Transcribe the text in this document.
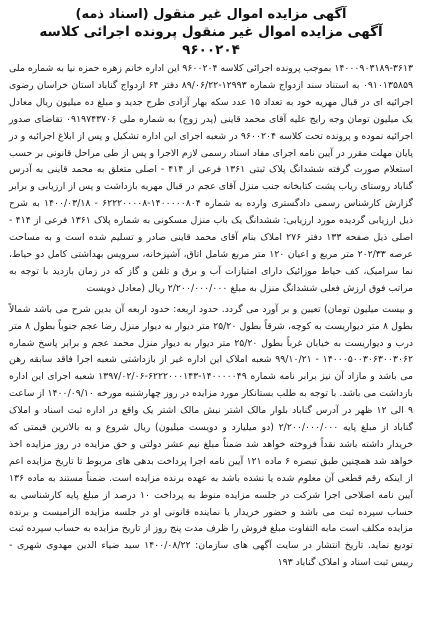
آگهی مزایده اموال غیر منقول (اسناد ذمه)
آگهی مزایده اموال غیر منقول پرونده اجرائی کلاسه ۹۶۰۰۲۰۴

۱۴۰۰۰۹۰۳۱۸۹-۳۶۱۳ بموجب پرونده اجرائی کلاسه ۹۶۰۰۲۰۴ این اداره خانم زهره حمزه نیا به شماره ملی ۰۹۱۰۱۳۵۸۵۹ به استناد سند ازدواج شماره ۱۲۹۹۳-۸۹/۰۶/۲۲ دفتر ۶۴ ازدواج گناباد استان خراسان رضوی اجرائیه ای در قبال مهریه خود به تعداد ۱۵ عدد سکه بهار آزادی طرح جدید و مبلغ ده میلیون ریال معادل یک میلیون تومان وجه رایج علیه آقای محمد قاینی (پدر زوج) به شماره ملی ۰۹۱۹۷۴۳۷۰۶ تقاضای صدور اجرائیه نموده و پرونده تحت کلاسه ۹۶۰۰۲۰۴ در شعبه اجرای این اداره تشکیل و پس از ابلاغ اجرائیه و در پایان مهلت مقرر در آیین نامه اجرای مفاد اسناد رسمی لازم الاجرا و پس از طی مراحل قانونی بر حسب استعلام صورت گرفته ششدانگ پلاک ثبتی ۱۳۶۱ فرعی از ۴۱۴ - اصلی متعلق به محمد قاینی به آدرس گناباد روستای ریاب پشت کتابخانه جنب منزل آقای عجم در قبال مهریه بازداشت و پس از ارزیابی و برابر گزارش کارشناس رسمی دادگستری وارده به شماره ۱۴۰۰۰۰۰۸۰۴-۶۲۲۲۰۰۰۰۸ - ۱۴۰۰/۰۳/۱۸ به شرح ذیل ارزیابی گردیده مورد ارزیابی: ششدانگ یک باب منزل مسکونی به شماره پلاک ۱۳۶۱ فرعی از ۴۱۴ - اصلی ذیل صفحه ۱۳۳ دفتر ۲۷۶ املاک بنام آقای محمد قاینی صادر و تسلیم شده است و به مساحت عرصه ۲۰۲/۳۳ متر مربع و اعیان ۱۲۰ متر مربع شامل اتاق، آشپزخانه، سرویس بهداشتی کامل دو حیاط، نما سرامیک، کف حیاط موزائیک دارای امتیازات آب و برق و تلفن و گاز که در زمان بازدید با توجه به مراتب فوق ارزش فعلی ششدانگ منزل به مبلغ ۲/۲۰۰/۰۰۰/۰۰۰ ریال (معادل دویست

و بیست میلیون تومان) تعیین و بر آورد می گردد. حدود اربعه: حدود اربعه آن بدین شرح می باشد شمالاً بطول ۸ متر دیواریست به کوچه، شرقاً بطول ۲۵/۲۰ متر دیوار به دیوار منزل رضا عجم جنوباً بطول ۸ متر درب و دیواریست به خیابان غرباً بطول ۲۵/۲۰ متر دیوار به دیوار منزل محمد عجم و برابر پاسخ شماره ۱۴۰۰۰۵۰۰۳۰۶۳۰۰۳۰۶۲ - ۹۹/۱۰/۲۱ شعبه املاک این اداره غیر از بازداشتی شعبه اجرا فاقد سابقه رهن می باشد و مازاد آن نیز برابر نامه شماره ۱۴۰۰۰۰۰۴۹-۶۲۲۲۰۰۰۱۴۳-۱۳۹۷/۰۲/۰۶ شعبه اجرای این اداره بازداشت می باشد. با توجه به طلب بستانکار مورد مزایده در روز چهارشنبه مورخه ۱۴۰۰/۰۹/۱۰ از ساعت ۹ الی ۱۲ ظهر در آدرس گناباد بلوار مالک اشتر نبش مالک اشتر یک واقع در اداره ثبت اسناد و املاک گناباد از مبلغ پایه ۲/۲۰۰/۰۰۰/۰۰۰ (دو میلیارد و دویست میلیون) ریال شروع و به بالاترین قیمتی که خریدار داشته باشد نقداً فروخته خواهد شد ضمناً مبلغ نیم عشر دولتی و حق مزایده در روز مزایده اخذ خواهد شد همچنین طبق تبصره ۶ ماده ۱۲۱ آیین نامه اجرا پرداخت بدهی های مربوط تا تاریخ مزایده اعم از اینکه رقم قطعی آن معلوم شده یا نشده باشد به عهده برنده مزایده است. ضمناً مستند به ماده ۱۳۶ آیین نامه اصلاحی اجرا شرکت در جلسه مزایده منوط به پرداخت ۱۰ درصد از مبلغ پایه کارشناسی به حساب سپرده ثبت می باشد و حضور خریدار یا نماینده قانونی او در جلسه مزایده الزامیست و برنده مزایده مکلف است مابه التفاوت مبلغ فروش را ظرف مدت پنج روز از تاریخ مزایده به حساب سپرده ثبت تودیع نماید. تاریخ انتشار در سایت آگهی های سازمان: ۱۴۰۰/۰۸/۲۲ سید ضیاء الدین مهدوی شهری - رییس ثبت اسناد و املاک گناباد ۱۹۳
